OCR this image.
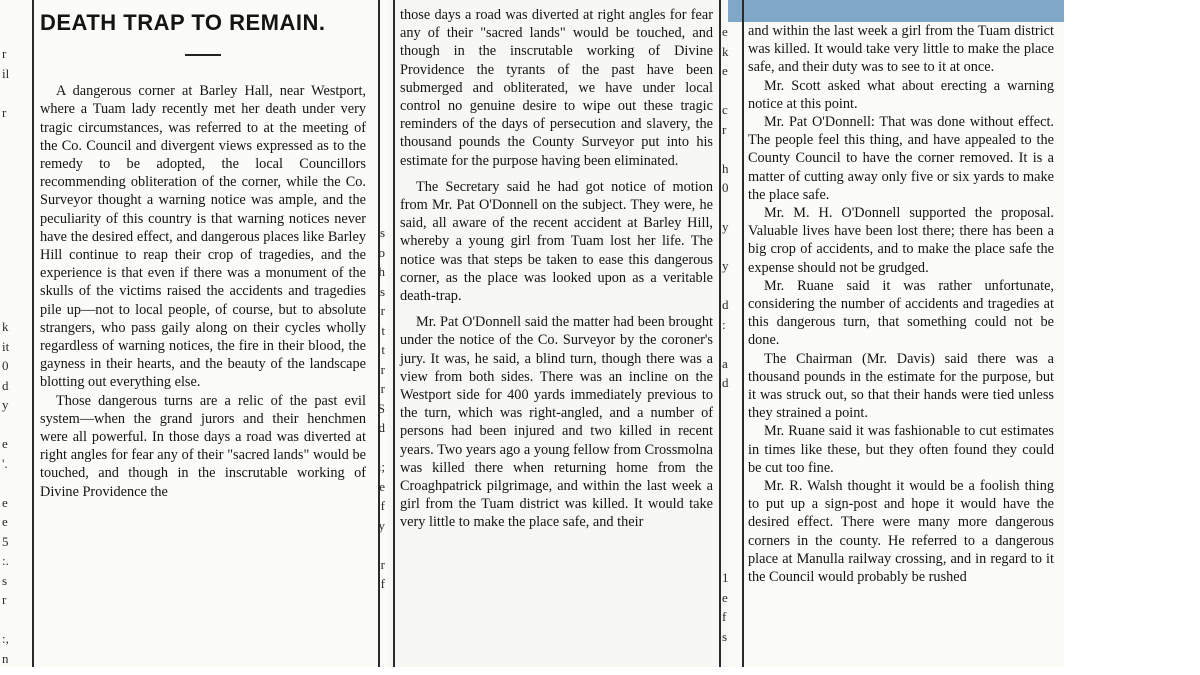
r
il

r

k
it
0
d
y

e
'.

e
e
5
:.
s
r

:,
n
DEATH TRAP TO REMAIN.

A dangerous corner at Barley Hall, near Westport, where a Tuam lady recently met her death under very tragic circumstances, was referred to at the meeting of the Co. Council and divergent views expressed as to the remedy to be adopted, the local Councillors recommending obliteration of the corner, while the Co. Surveyor thought a warning notice was ample, and the peculiarity of this country is that warning notices never have the desired effect, and dangerous places like Barley Hill continue to reap their crop of tragedies, and the experience is that even if there was a monument of the skulls of the victims raised the accidents and tragedies pile up—not to local people, of course, but to absolute strangers, who pass gaily along on their cycles wholly regardless of warning notices, the fire in their blood, the gayness in their hearts, and the beauty of the landscape blotting out everything else.

Those dangerous turns are a relic of the past evil system—when the grand jurors and their henchmen were all powerful. In those days a road was diverted at right angles for fear any of their "sacred lands" would be touched, and though in the inscrutable working of Divine Providence the

s
o
h
s
r
t
t
r
r
S
d

i;
e
f
y

r
f

those days a road was diverted at right angles for fear any of their "sacred lands" would be touched, and though in the inscrutable working of Divine Providence the tyrants of the past have been submerged and obliterated, we have under local control no genuine desire to wipe out these tragic reminders of the days of persecution and slavery, the thousand pounds the County Surveyor put into his estimate for the purpose having been eliminated.

The Secretary said he had got notice of motion from Mr. Pat O'Donnell on the subject. They were, he said, all aware of the recent accident at Barley Hill, whereby a young girl from Tuam lost her life. The notice was that steps be taken to ease this dangerous corner, as the place was looked upon as a veritable death-trap.

Mr. Pat O'Donnell said the matter had been brought under the notice of the Co. Surveyor by the coroner's jury. It was, he said, a blind turn, though there was a view from both sides. There was an incline on the Westport side for 400 yards immediately previous to the turn, which was right-angled, and a number of persons had been injured and two killed in recent years. Two years ago a young fellow from Crossmolna was killed there when returning home from the Croaghpatrick pilgrimage, and within the last week a girl from the Tuam district was killed. It would take very little to make the place safe, and their

e
k
e

c
r

h
0

y

y

d
:

a
d

1
e
f
s

and within the last week a girl from the Tuam district was killed. It would take very little to make the place safe, and their duty was to see to it at once.

Mr. Scott asked what about erecting a warning notice at this point.

Mr. Pat O'Donnell: That was done without effect. The people feel this thing, and have appealed to the County Council to have the corner removed. It is a matter of cutting away only five or six yards to make the place safe.

Mr. M. H. O'Donnell supported the proposal. Valuable lives have been lost there; there has been a big crop of accidents, and to make the place safe the expense should not be grudged.

Mr. Ruane said it was rather unfortunate, considering the number of accidents and tragedies at this dangerous turn, that something could not be done.

The Chairman (Mr. Davis) said there was a thousand pounds in the estimate for the purpose, but it was struck out, so that their hands were tied unless they strained a point.

Mr. Ruane said it was fashionable to cut estimates in times like these, but they often found they could be cut too fine.

Mr. R. Walsh thought it would be a foolish thing to put up a sign-post and hope it would have the desired effect. There were many more dangerous corners in the county. He referred to a dangerous place at Manulla railway crossing, and in regard to it the Council would probably be rushed
